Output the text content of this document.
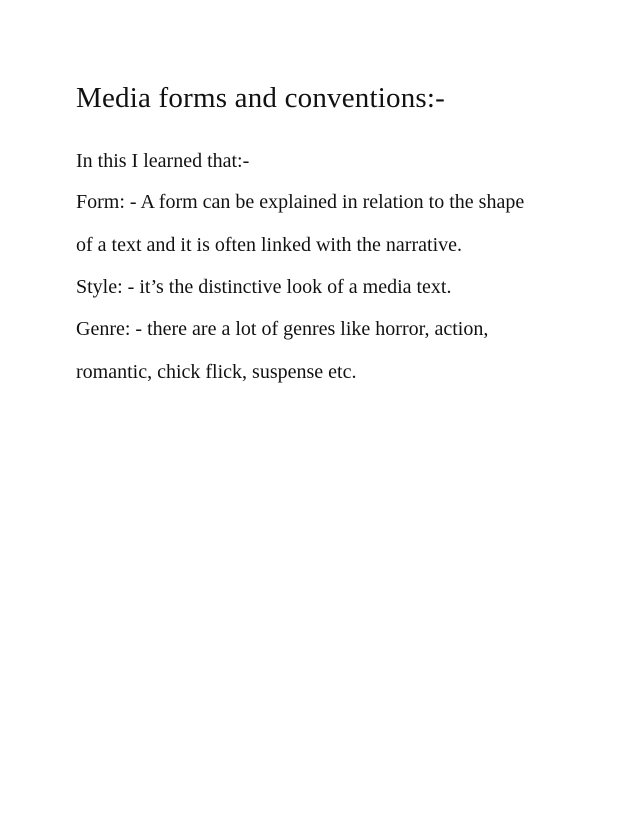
Media forms and conventions:-

In this I learned that:-

Form: - A form can be explained in relation to the shape
of a text and it is often linked with the narrative.

Style: - it’s the distinctive look of a media text.

Genre: - there are a lot of genres like horror, action,
romantic, chick flick, suspense etc.
